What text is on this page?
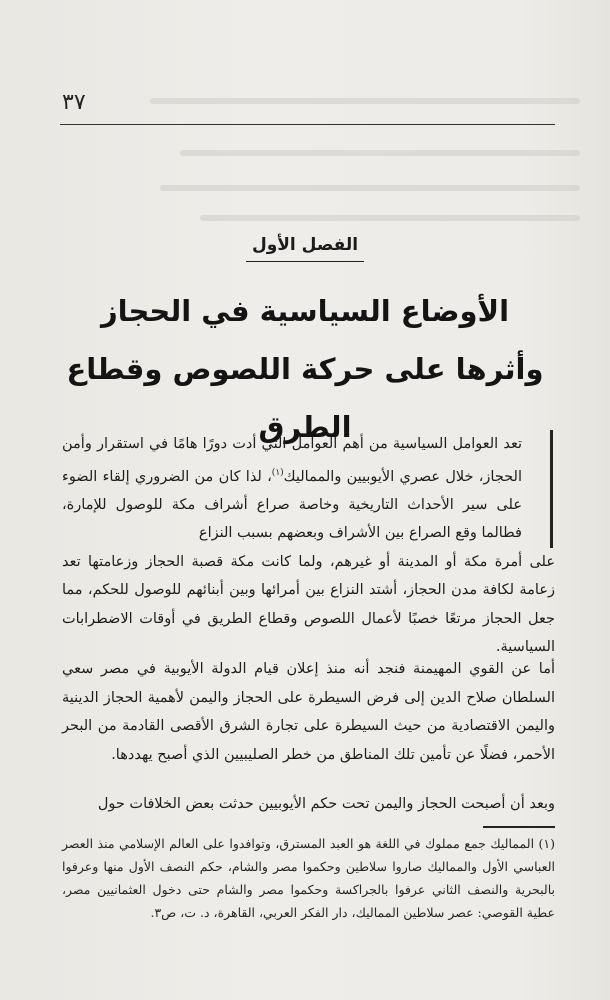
٣٧
الفصل الأول
الأوضاع السياسية في الحجاز
وأثرها على حركة اللصوص وقطاع الطرق
تعد العوامل السياسية من أهم العوامل التي أدت دورًا هامًا في استقرار وأمن الحجاز، خلال عصري الأيوبيين والمماليك$^{(١)}$، لذا كان من الضروري إلقاء الضوء على سير الأحداث التاريخية وخاصة صراع أشراف مكة للوصول للإمارة، فطالما وقع الصراع بين الأشراف وبعضهم بسبب النزاع
على أمرة مكة أو المدينة أو غيرهم، ولما كانت مكة قصبة الحجاز وزعامتها تعد زعامة لكافة مدن الحجاز، أشتد النزاع بين أمرائها وبين أبنائهم للوصول للحكم، مما جعل الحجاز مرتعًا خصبًا لأعمال اللصوص وقطاع الطريق في أوقات الاضطرابات السياسية.
أما عن القوي المهيمنة فنجد أنه منذ إعلان قيام الدولة الأيوبية في مصر سعي السلطان صلاح الدين إلى فرض السيطرة على الحجاز واليمن لأهمية الحجاز الدينية واليمن الاقتصادية من حيث السيطرة على تجارة الشرق الأقصى القادمة من البحر الأحمر، فضلًا عن تأمين تلك المناطق من خطر الصليبيين الذي أصبح يهددها.
وبعد أن أصبحت الحجاز واليمن تحت حكم الأيوبيين حدثت بعض الخلافات حول
(١) المماليك جمع مملوك في اللغة هو العبد المسترق، وتوافدوا على العالم الإسلامي منذ العصر العباسي الأول والمماليك صاروا سلاطين وحكموا مصر والشام، حكم النصف الأول منها وعرفوا بالبحرية والنصف الثاني عرفوا بالجراكسة وحكموا مصر والشام حتى دخول العثمانيين مصر، عطية القوصي: عصر سلاطين المماليك، دار الفكر العربي، القاهرة، د. ت، ص٣.
